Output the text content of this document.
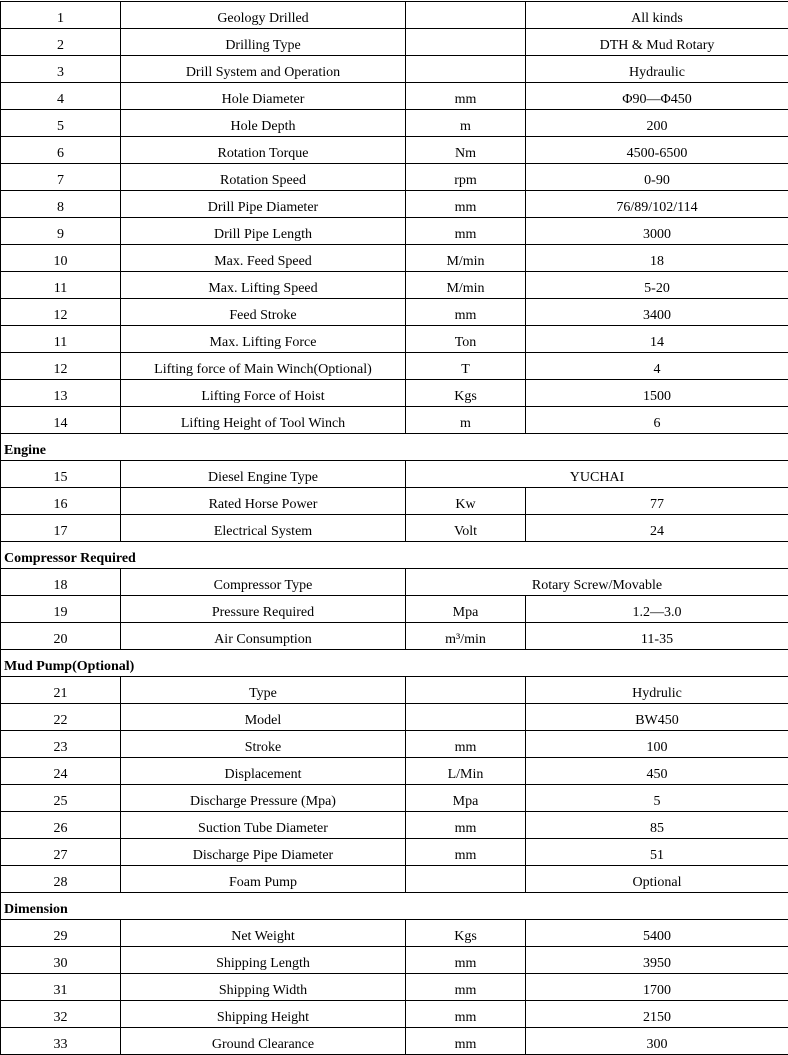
1	Geology Drilled		All kinds
2	Drilling Type		DTH & Mud Rotary
3	Drill System and Operation		Hydraulic
4	Hole Diameter	mm	Φ90—Φ450
5	Hole Depth	m	200
6	Rotation Torque	Nm	4500-6500
7	Rotation Speed	rpm	0-90
8	Drill Pipe Diameter	mm	76/89/102/114
9	Drill Pipe Length	mm	3000
10	Max. Feed Speed	M/min	18
11	Max. Lifting Speed	M/min	5-20
12	Feed Stroke	mm	3400
11	Max. Lifting Force	Ton	14
12	Lifting force of Main Winch(Optional)	T	4
13	Lifting Force of Hoist	Kgs	1500
14	Lifting Height of Tool Winch	m	6
Engine			
15	Diesel Engine Type	YUCHAI	
16	Rated Horse Power	Kw	77
17	Electrical System	Volt	24
Compressor Required			
18	Compressor Type	Rotary Screw/Movable	
19	Pressure Required	Mpa	1.2—3.0
20	Air Consumption	m³/min	11-35
Mud Pump(Optional)			
21	Type		Hydrulic
22	Model		BW450
23	Stroke	mm	100
24	Displacement	L/Min	450
25	Discharge Pressure (Mpa)	Mpa	5
26	Suction Tube Diameter	mm	85
27	Discharge Pipe Diameter	mm	51
28	Foam Pump		Optional
Dimension			
29	Net Weight	Kgs	5400
30	Shipping Length	mm	3950
31	Shipping Width	mm	1700
32	Shipping Height	mm	2150
33	Ground Clearance	mm	300
